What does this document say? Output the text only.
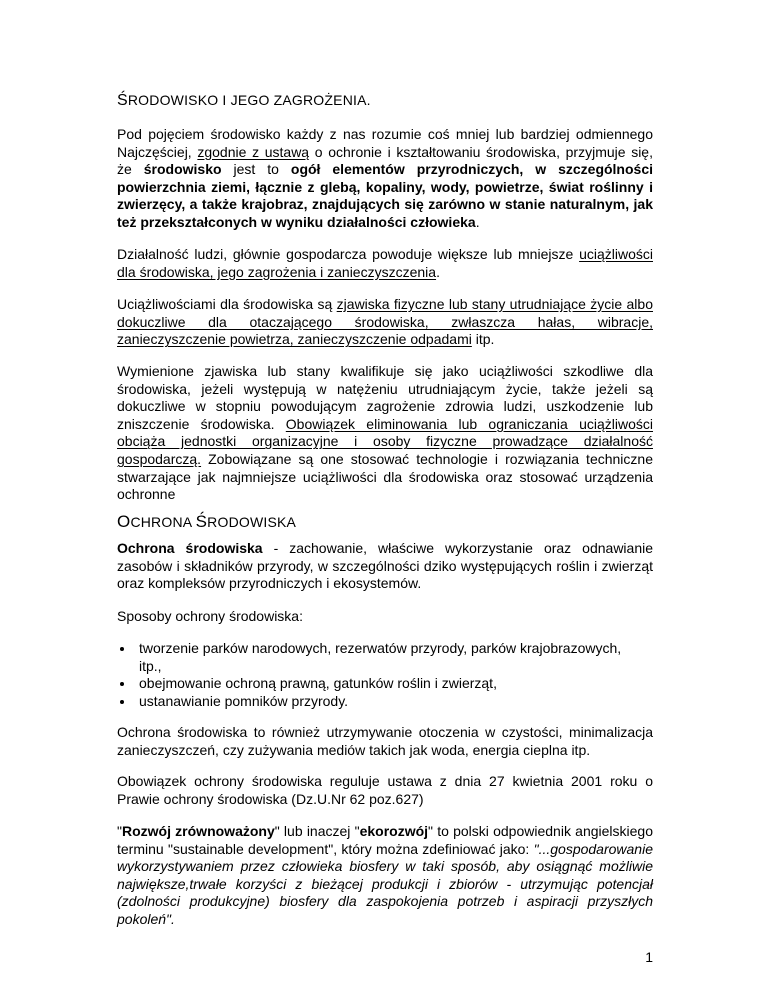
ŚRODOWISKO I JEGO ZAGROŻENIA.

Pod pojęciem środowisko każdy z nas rozumie coś mniej lub bardziej odmiennego Najczęściej, zgodnie z ustawą o ochronie i kształtowaniu środowiska, przyjmuje się, że środowisko jest to ogół elementów przyrodniczych, w szczególności powierzchnia ziemi, łącznie z glebą, kopaliny, wody, powietrze, świat roślinny i zwierzęcy, a także krajobraz, znajdujących się zarówno w stanie naturalnym, jak też przekształconych w wyniku działalności człowieka.

Działalność ludzi, głównie gospodarcza powoduje większe lub mniejsze uciążliwości dla środowiska, jego zagrożenia i zanieczyszczenia.

Uciążliwościami dla środowiska są zjawiska fizyczne lub stany utrudniające życie albo dokuczliwe dla otaczającego środowiska, zwłaszcza hałas, wibracje, zanieczyszczenie powietrza, zanieczyszczenie odpadami itp.

Wymienione zjawiska lub stany kwalifikuje się jako uciążliwości szkodliwe dla środowiska, jeżeli występują w natężeniu utrudniającym życie, także jeżeli są dokuczliwe w stopniu powodującym zagrożenie zdrowia ludzi, uszkodzenie lub zniszczenie środowiska. Obowiązek eliminowania lub ograniczania uciążliwości obciąża jednostki organizacyjne i osoby fizyczne prowadzące działalność gospodarczą. Zobowiązane są one stosować technologie i rozwiązania techniczne stwarzające jak najmniejsze uciążliwości dla środowiska oraz stosować urządzenia ochronne

OCHRONA ŚRODOWISKA

Ochrona środowiska - zachowanie, właściwe wykorzystanie oraz odnawianie zasobów i składników przyrody, w szczególności dziko występujących roślin i zwierząt oraz kompleksów przyrodniczych i ekosystemów.

Sposoby ochrony środowiska:

tworzenie parków narodowych, rezerwatów przyrody, parków krajobrazowych, itp.,
obejmowanie ochroną prawną, gatunków roślin i zwierząt,
ustanawianie pomników przyrody.

Ochrona środowiska to również utrzymywanie otoczenia w czystości, minimalizacja zanieczyszczeń, czy zużywania mediów takich jak woda, energia cieplna itp.

Obowiązek ochrony środowiska reguluje ustawa z dnia 27 kwietnia 2001 roku o Prawie ochrony środowiska (Dz.U.Nr 62 poz.627)

"Rozwój zrównoważony" lub inaczej "ekorozwój" to polski odpowiednik angielskiego terminu "sustainable development", który można zdefiniować jako: "...gospodarowanie wykorzystywaniem przez człowieka biosfery w taki sposób, aby osiągnąć możliwie największe,trwałe korzyści z bieżącej produkcji i zbiorów - utrzymując potencjał (zdolności produkcyjne) biosfery dla zaspokojenia potrzeb i aspiracji przyszłych pokoleń".

1
